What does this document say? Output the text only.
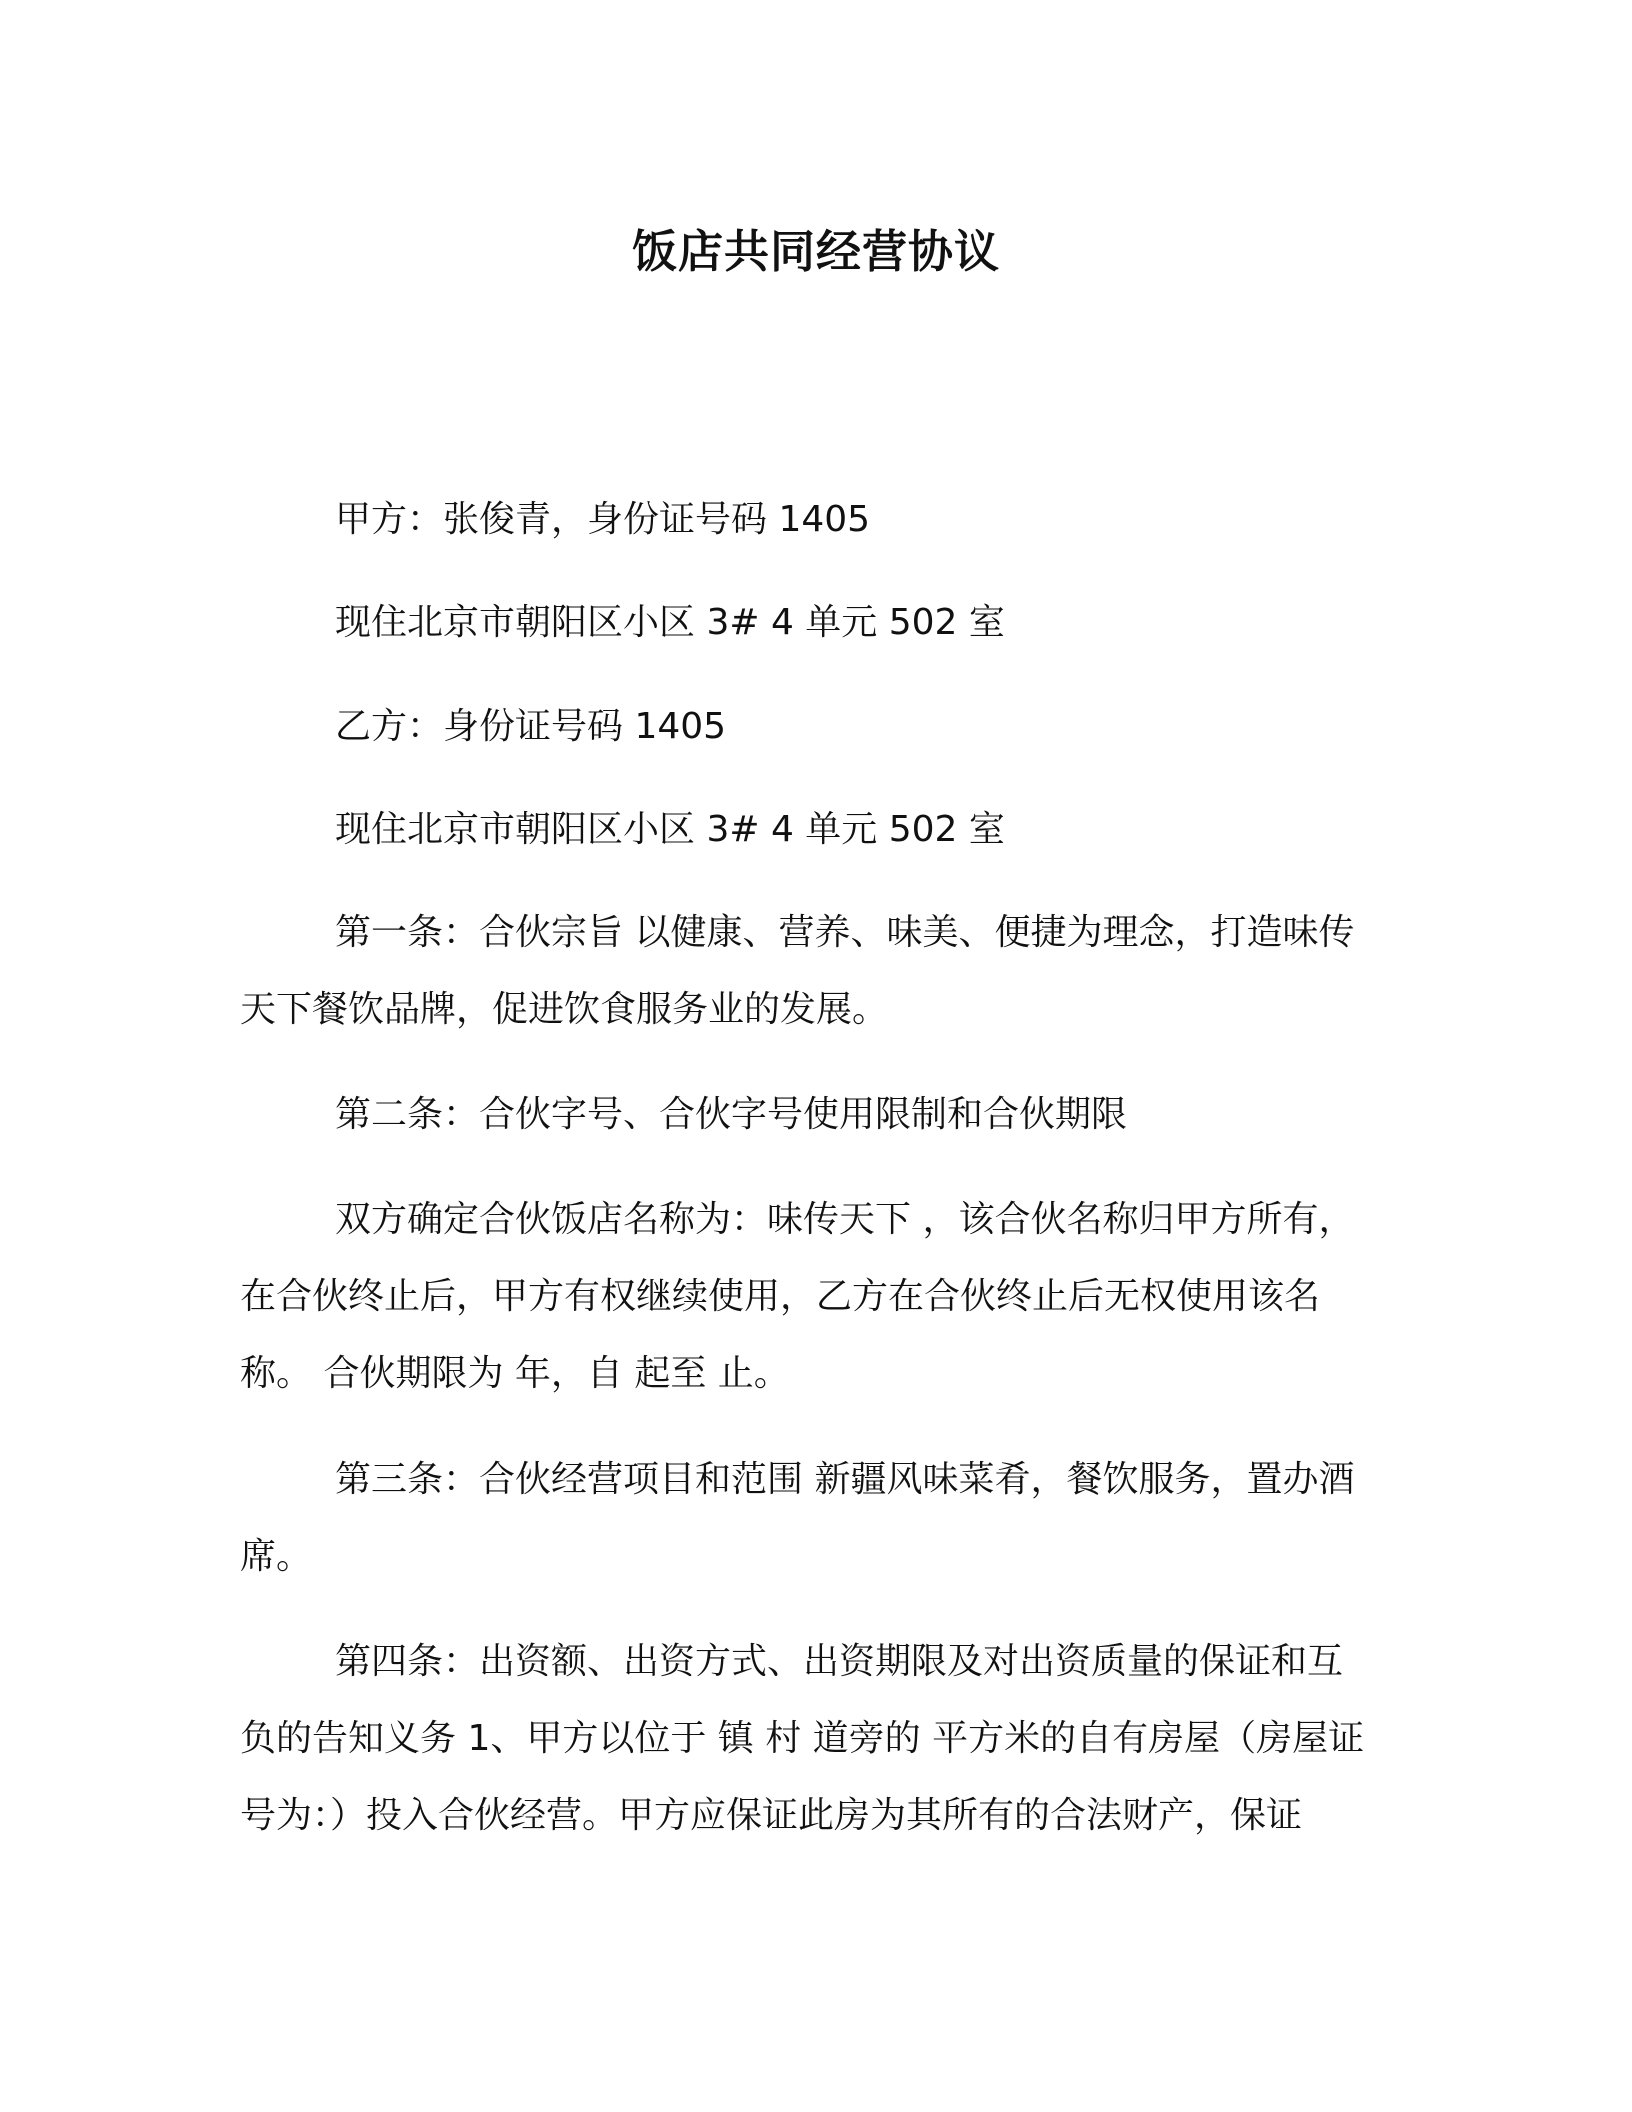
饭店共同经营协议
甲方：张俊青，身份证号码 1405
现住北京市朝阳区小区 3# 4 单元 502 室
乙方：身份证号码 1405
现住北京市朝阳区小区 3# 4 单元 502 室
第一条：合伙宗旨 以健康、营养、味美、便捷为理念，打造味传
天下餐饮品牌，促进饮食服务业的发展。
第二条：合伙字号、合伙字号使用限制和合伙期限
双方确定合伙饭店名称为：味传天下 ，该合伙名称归甲方所有，
在合伙终止后，甲方有权继续使用，乙方在合伙终止后无权使用该名
称。 合伙期限为 年，自 起至 止。
第三条：合伙经营项目和范围 新疆风味菜肴，餐饮服务，置办酒
席。
第四条：出资额、出资方式、出资期限及对出资质量的保证和互
负的告知义务 1、甲方以位于 镇 村 道旁的 平方米的自有房屋（房屋证
号为：）投入合伙经营。甲方应保证此房为其所有的合法财产，保证
